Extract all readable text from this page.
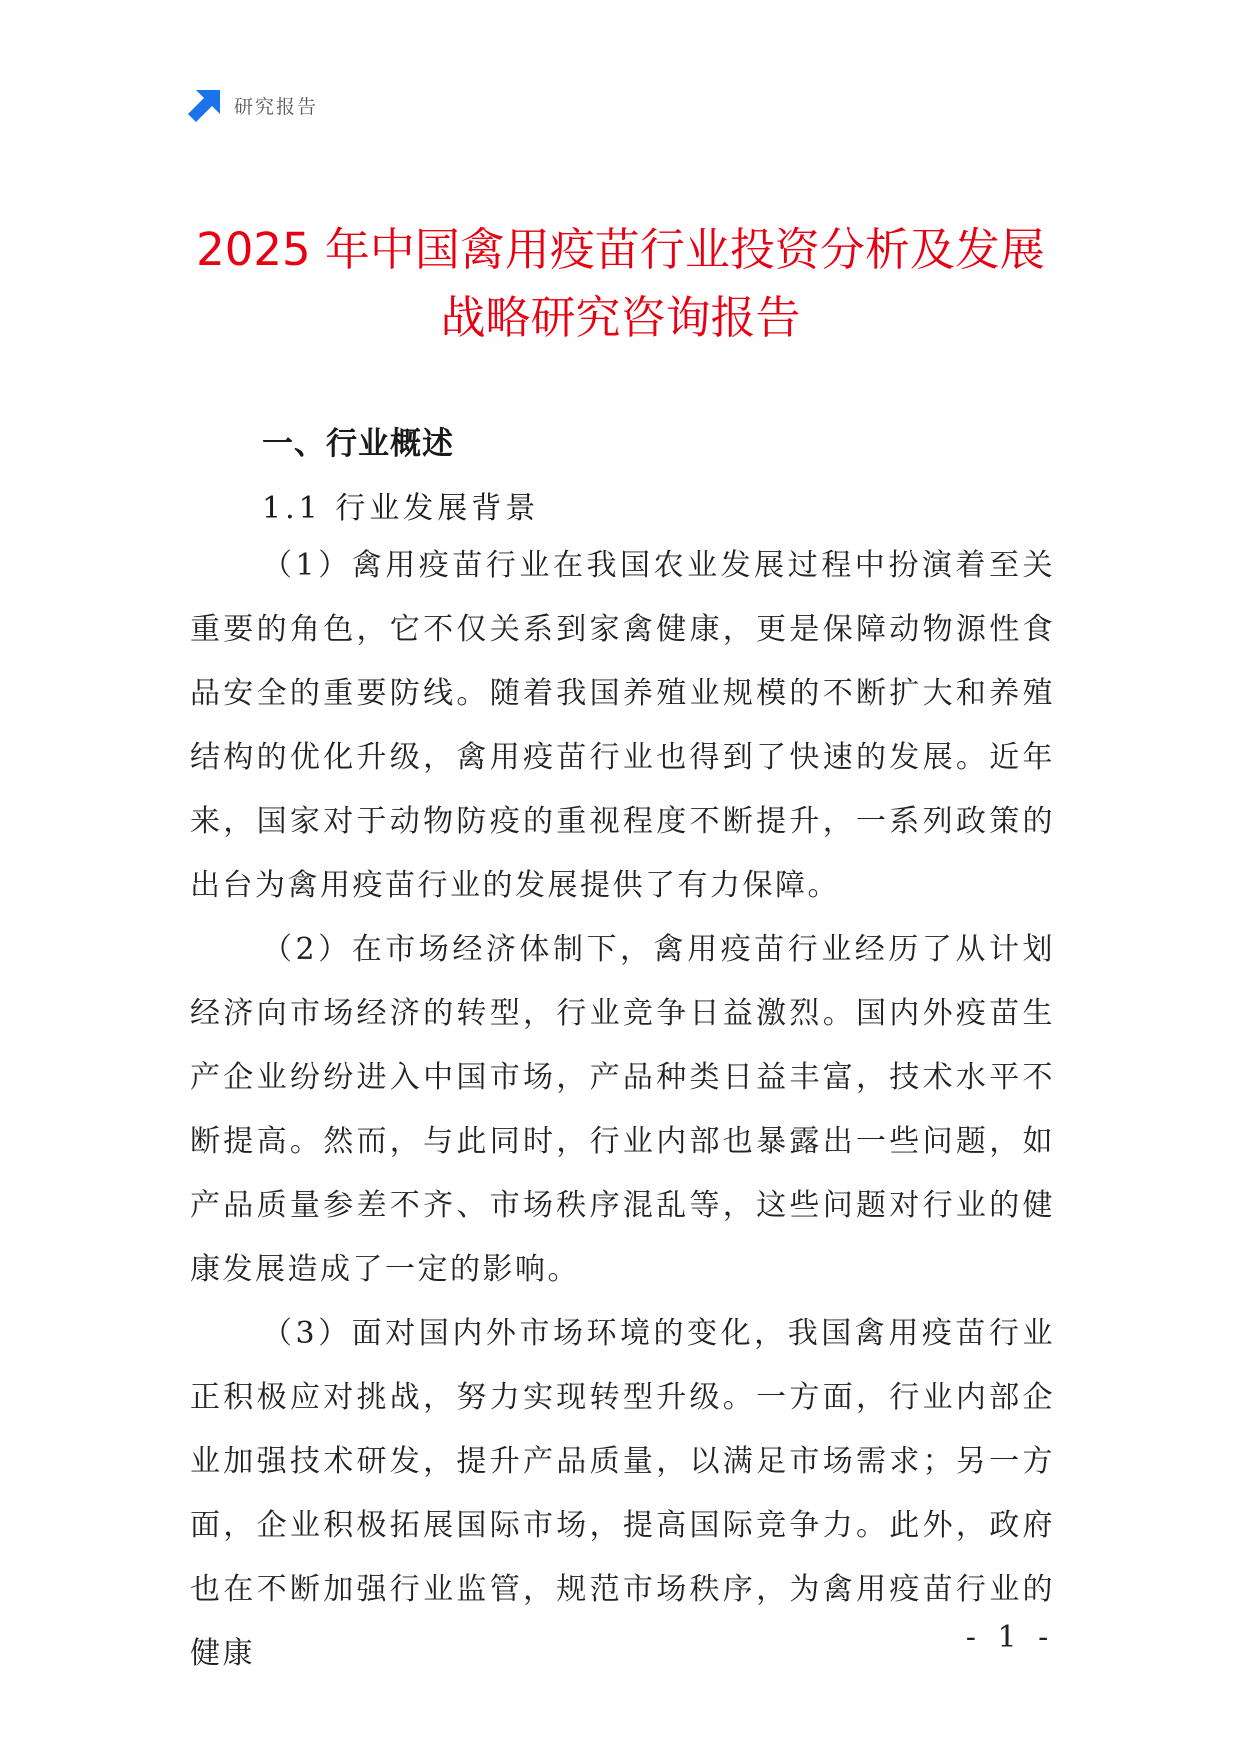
研究报告
2025 年中国禽用疫苗行业投资分析及发展
战略研究咨询报告
一、行业概述
1.1 行业发展背景

（1）禽用疫苗行业在我国农业发展过程中扮演着至关重要的角色，它不仅关系到家禽健康，更是保障动物源性食品安全的重要防线。随着我国养殖业规模的不断扩大和养殖结构的优化升级，禽用疫苗行业也得到了快速的发展。近年来，国家对于动物防疫的重视程度不断提升，一系列政策的出台为禽用疫苗行业的发展提供了有力保障。

（2）在市场经济体制下，禽用疫苗行业经历了从计划经济向市场经济的转型，行业竞争日益激烈。国内外疫苗生产企业纷纷进入中国市场，产品种类日益丰富，技术水平不断提高。然而，与此同时，行业内部也暴露出一些问题，如产品质量参差不齐、市场秩序混乱等，这些问题对行业的健康发展造成了一定的影响。

（3）面对国内外市场环境的变化，我国禽用疫苗行业正积极应对挑战，努力实现转型升级。一方面，行业内部企业加强技术研发，提升产品质量，以满足市场需求；另一方面，企业积极拓展国际市场，提高国际竞争力。此外，政府也在不断加强行业监管，规范市场秩序，为禽用疫苗行业的健康	- 1 -
